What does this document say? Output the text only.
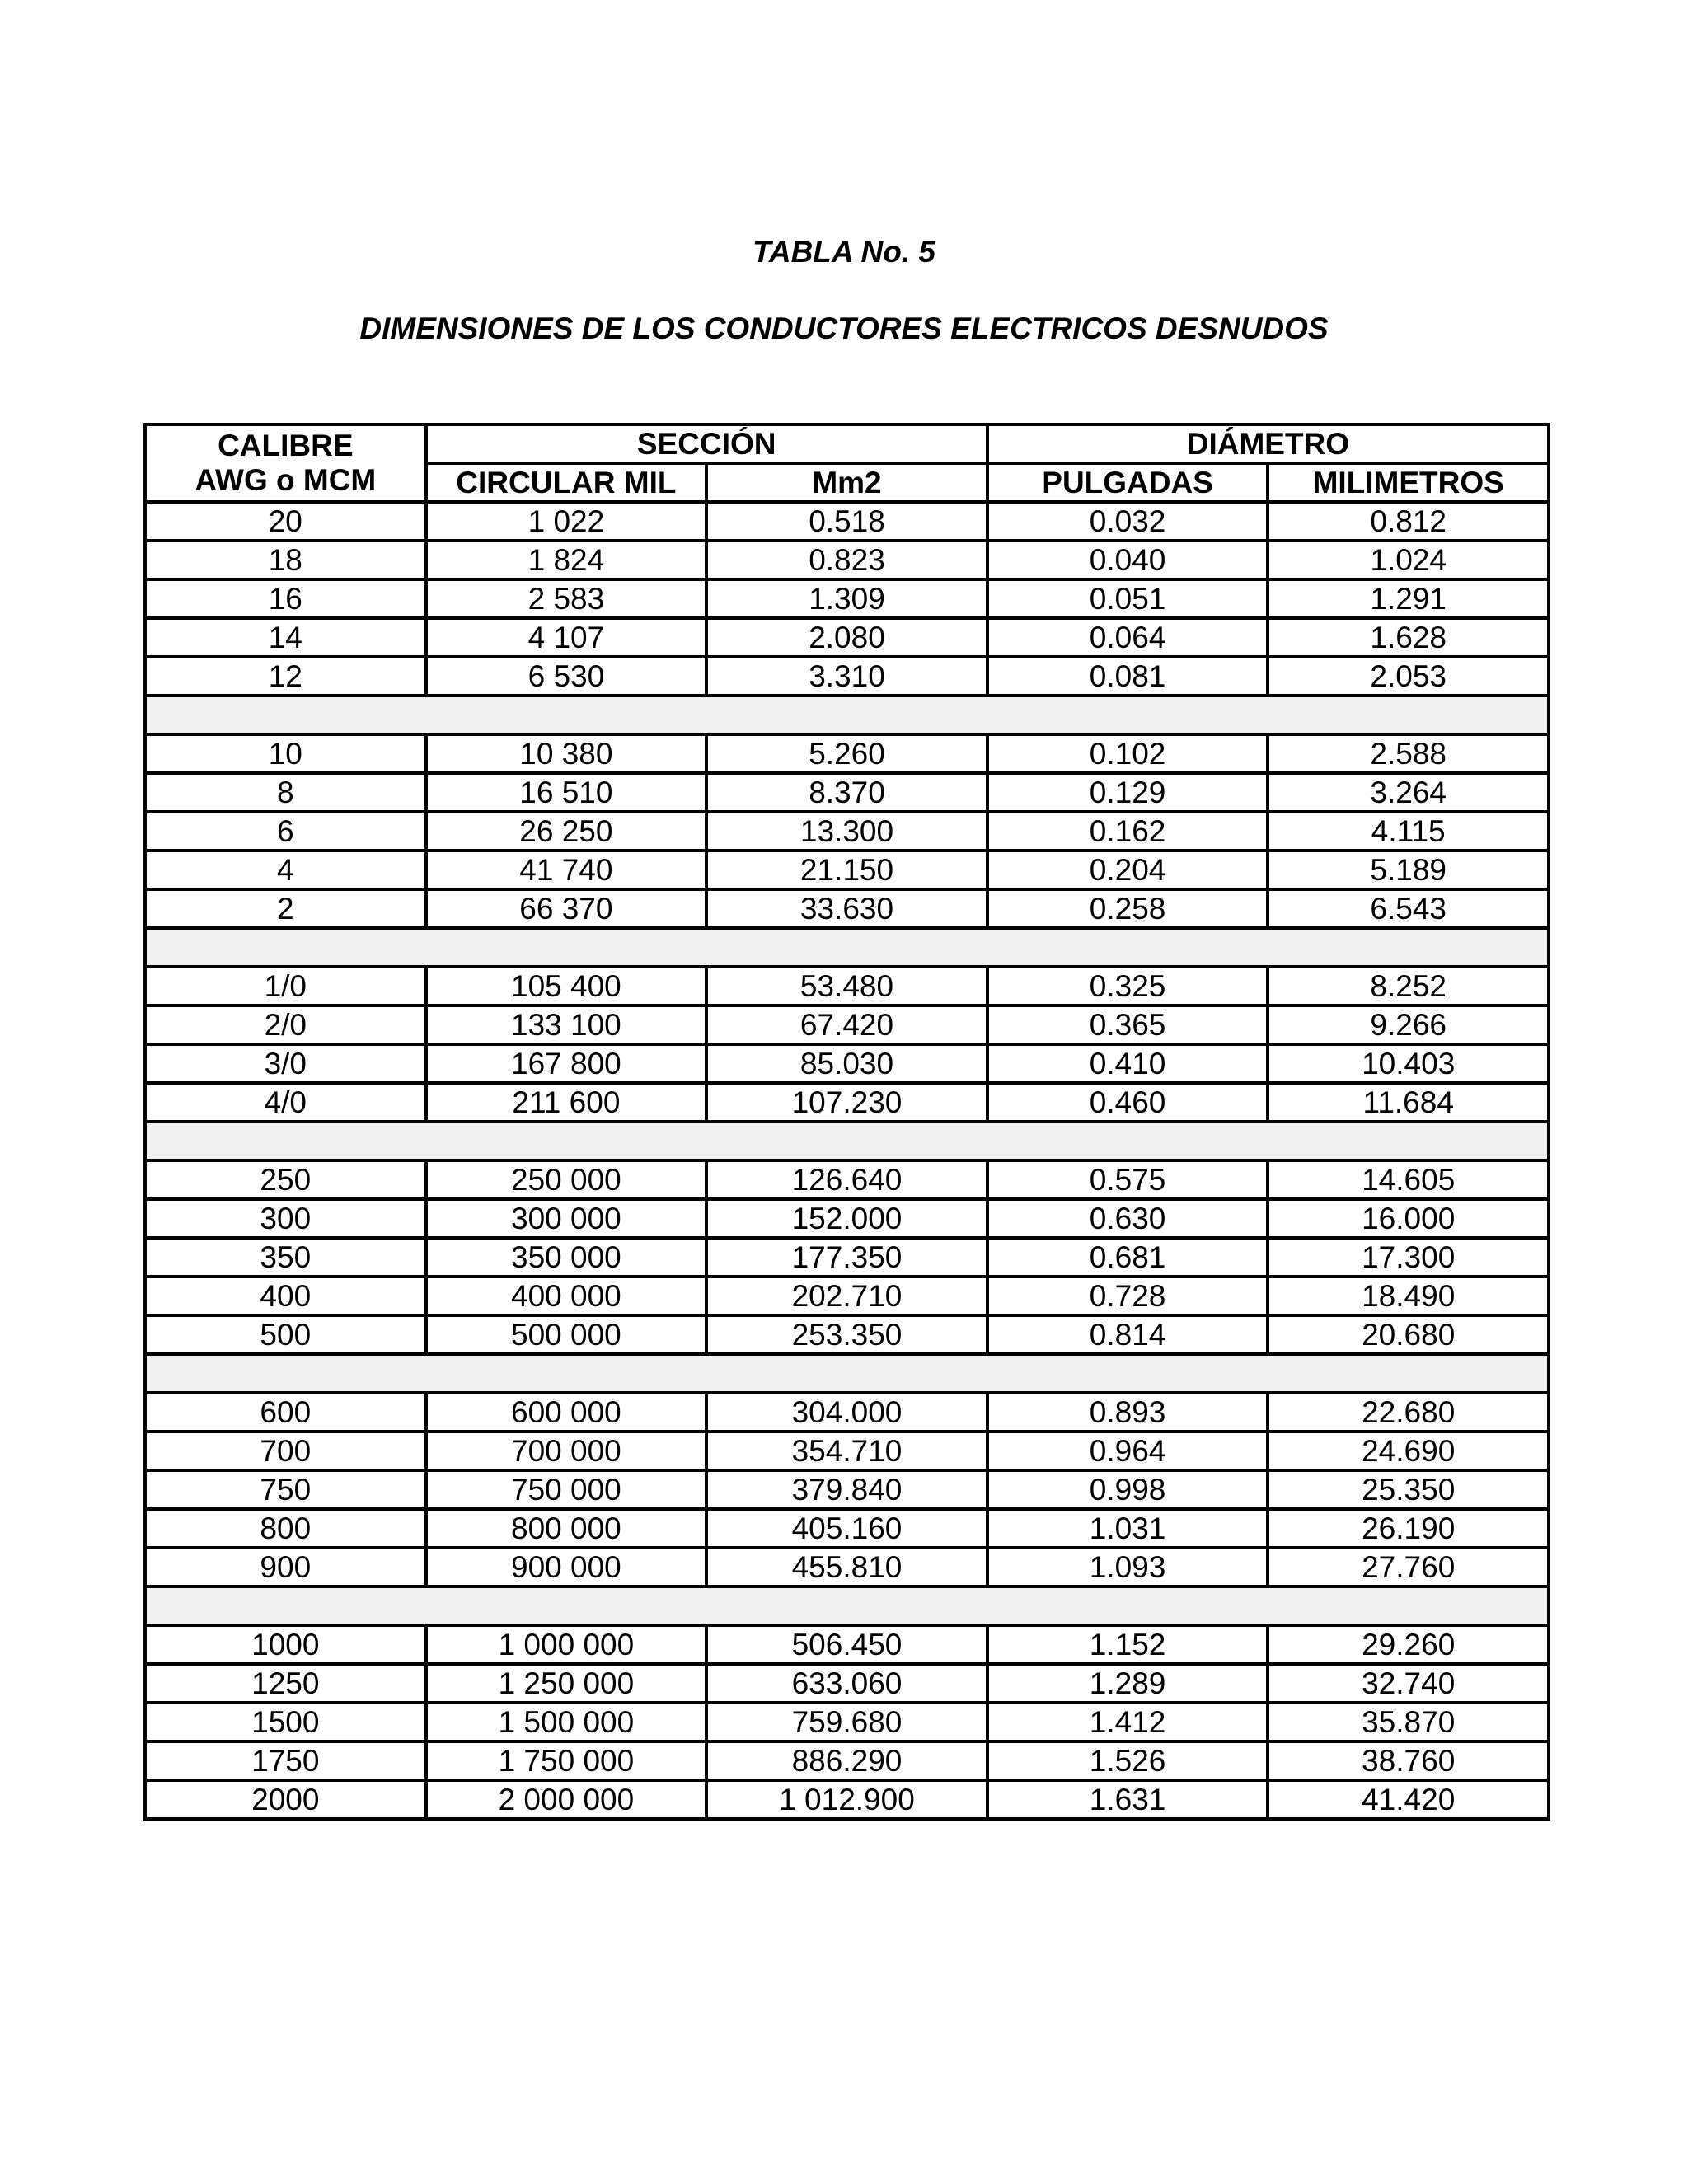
TABLA No. 5
DIMENSIONES DE LOS CONDUCTORES ELECTRICOS DESNUDOS
CALIBRE
AWG o MCM	SECCIÓN		DIÁMETRO	
	CIRCULAR MIL	Mm2	PULGADAS	MILIMETROS
20	1 022	0.518	0.032	0.812
18	1 824	0.823	0.040	1.024
16	2 583	1.309	0.051	1.291
14	4 107	2.080	0.064	1.628
12	6 530	3.310	0.081	2.053

10	10 380	5.260	0.102	2.588
8	16 510	8.370	0.129	3.264
6	26 250	13.300	0.162	4.115
4	41 740	21.150	0.204	5.189
2	66 370	33.630	0.258	6.543

1/0	105 400	53.480	0.325	8.252
2/0	133 100	67.420	0.365	9.266
3/0	167 800	85.030	0.410	10.403
4/0	211 600	107.230	0.460	11.684

250	250 000	126.640	0.575	14.605
300	300 000	152.000	0.630	16.000
350	350 000	177.350	0.681	17.300
400	400 000	202.710	0.728	18.490
500	500 000	253.350	0.814	20.680

600	600 000	304.000	0.893	22.680
700	700 000	354.710	0.964	24.690
750	750 000	379.840	0.998	25.350
800	800 000	405.160	1.031	26.190
900	900 000	455.810	1.093	27.760

1000	1 000 000	506.450	1.152	29.260
1250	1 250 000	633.060	1.289	32.740
1500	1 500 000	759.680	1.412	35.870
1750	1 750 000	886.290	1.526	38.760
2000	2 000 000	1 012.900	1.631	41.420
